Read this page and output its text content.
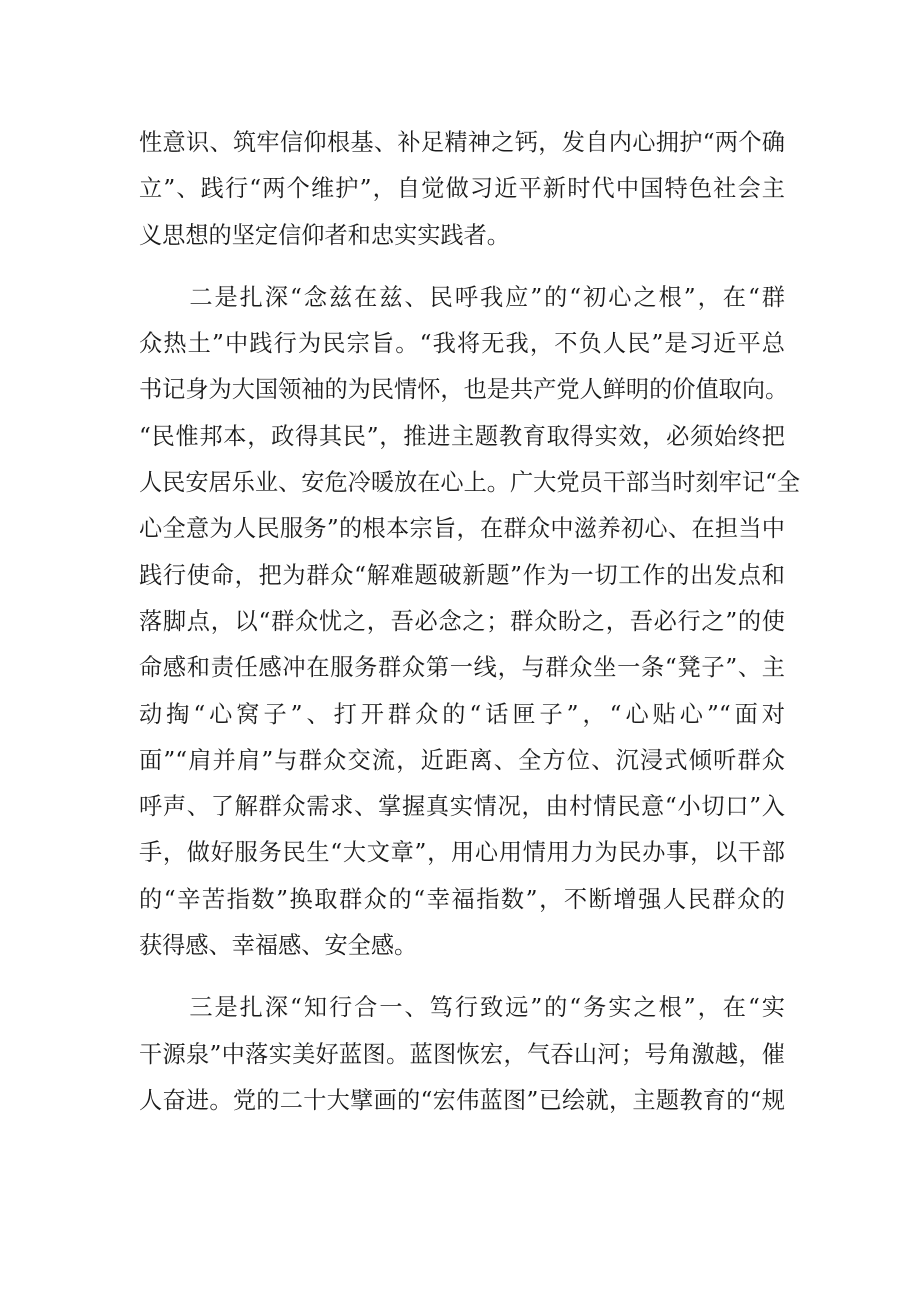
性意识、筑牢信仰根基、补足精神之钙，发自内心拥护“两个确
立”、践行“两个维护”，自觉做习近平新时代中国特色社会主
义思想的坚定信仰者和忠实实践者。
　　二是扎深“念兹在兹、民呼我应”的“初心之根”，在“群
众热土”中践行为民宗旨。“我将无我，不负人民”是习近平总
书记身为大国领袖的为民情怀，也是共产党人鲜明的价值取向。
“民惟邦本，政得其民”，推进主题教育取得实效，必须始终把
人民安居乐业、安危冷暖放在心上。广大党员干部当时刻牢记“全
心全意为人民服务”的根本宗旨，在群众中滋养初心、在担当中
践行使命，把为群众“解难题破新题”作为一切工作的出发点和
落脚点，以“群众忧之，吾必念之；群众盼之，吾必行之”的使
命感和责任感冲在服务群众第一线，与群众坐一条“凳子”、主
动掏“心窝子”、打开群众的“话匣子”，“心贴心”“面对
面”“肩并肩”与群众交流，近距离、全方位、沉浸式倾听群众
呼声、了解群众需求、掌握真实情况，由村情民意“小切口”入
手，做好服务民生“大文章”，用心用情用力为民办事，以干部
的“辛苦指数”换取群众的“幸福指数”，不断增强人民群众的
获得感、幸福感、安全感。
　　三是扎深“知行合一、笃行致远”的“务实之根”，在“实
干源泉”中落实美好蓝图。蓝图恢宏，气吞山河；号角激越，催
人奋进。党的二十大擘画的“宏伟蓝图”已绘就，主题教育的“规
